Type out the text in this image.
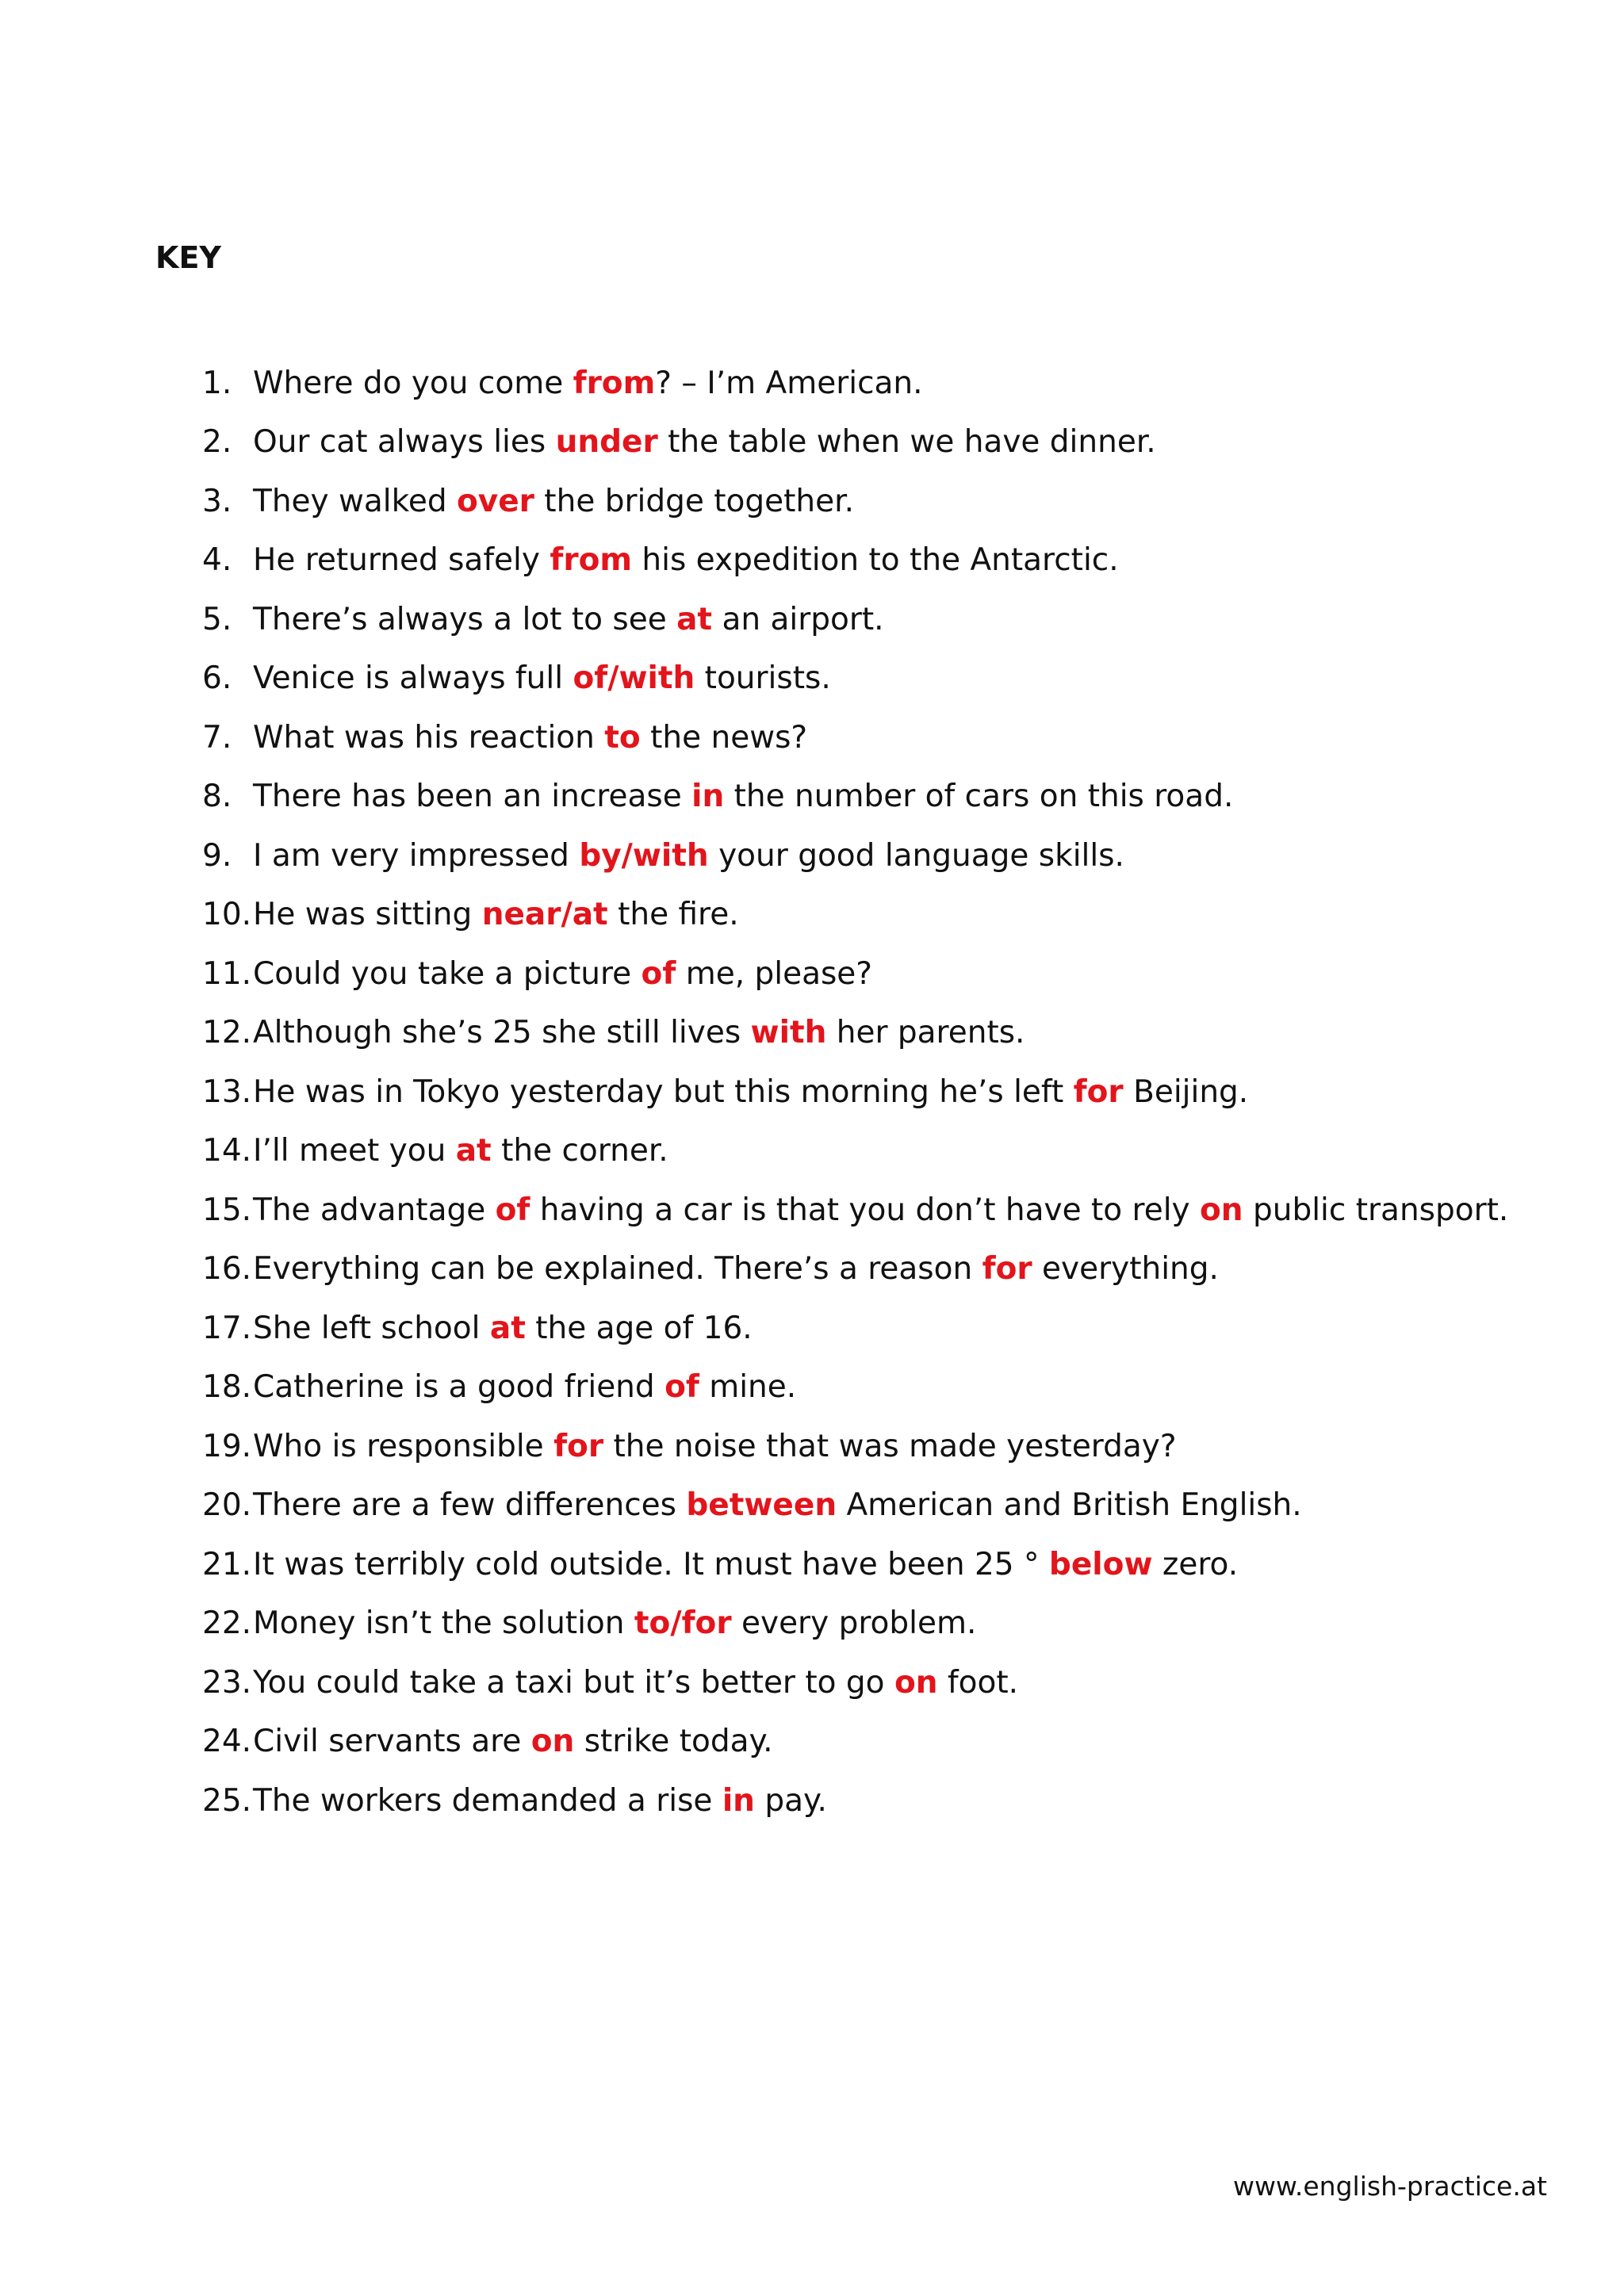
KEY
1. Where do you come from? – I’m American.
2. Our cat always lies under the table when we have dinner.
3. They walked over the bridge together.
4. He returned safely from his expedition to the Antarctic.
5. There’s always a lot to see at an airport.
6. Venice is always full of/with tourists.
7. What was his reaction to the news?
8. There has been an increase in the number of cars on this road.
9. I am very impressed by/with your good language skills.
10. He was sitting near/at the fire.
11. Could you take a picture of me, please?
12. Although she’s 25 she still lives with her parents.
13. He was in Tokyo yesterday but this morning he’s left for Beijing.
14. I’ll meet you at the corner.
15. The advantage of having a car is that you don’t have to rely on public transport.
16. Everything can be explained. There’s a reason for everything.
17. She left school at the age of 16.
18. Catherine is a good friend of mine.
19. Who is responsible for the noise that was made yesterday?
20. There are a few differences between American and British English.
21. It was terribly cold outside. It must have been 25 ° below zero.
22. Money isn’t the solution to/for every problem.
23. You could take a taxi but it’s better to go on foot.
24. Civil servants are on strike today.
25. The workers demanded a rise in pay.
www.english-practice.at
